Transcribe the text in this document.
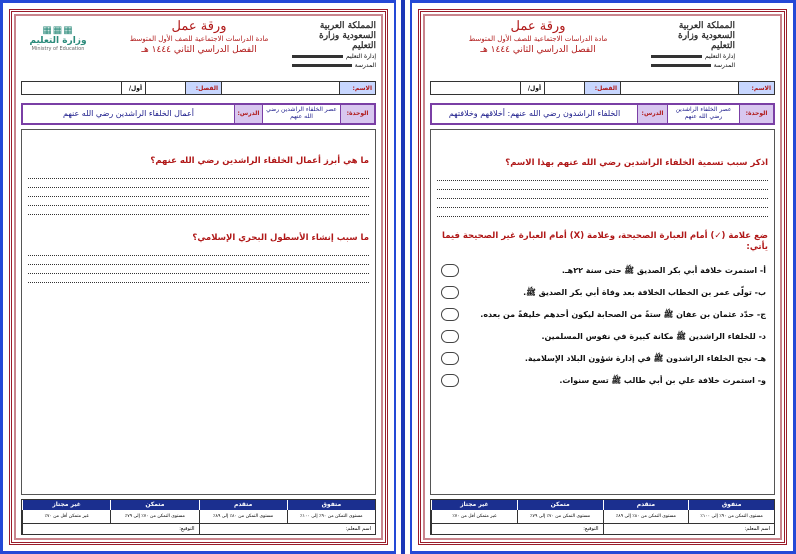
▦▦▦
وزارة التعليم
Ministry of Education
ورقة عمل
مادة الدراسات الاجتماعية للصف الأول المتوسط
الفصل الدراسي الثاني ١٤٤٤ هـ
المملكة العربية السعودية وزارة التعليم
إدارة التعليم
المدرسة
الاسم:
الفصل:
أول/
الوحدة:
عصر الخلفاء الراشدين رضي الله عنهم
الدرس:
أعمال الخلفاء الراشدين رضي الله عنهم
ما هي أبرز أعمال الخلفاء الراشدين رضي الله عنهم؟
ما سبب إنشاء الأسطول البحري الإسلامي؟
متفوق
متقدم
متمكن
غير مجتاز
مستوى التمكن من ٩٠٪ إلى ١٠٠٪
مستوى التمكن من ٨٠٪ إلى ٨٩٪
مستوى التمكن من ٧٠٪ إلى ٧٩٪
غير متمكن أقل من ٧٠٪
اسم المعلم:
التوقيع:
ورقة عمل
مادة الدراسات الاجتماعية للصف الأول المتوسط
الفصل الدراسي الثاني ١٤٤٤ هـ
المملكة العربية السعودية وزارة التعليم
إدارة التعليم
المدرسة
الاسم:
الفصل:
أول/
الوحدة:
عصر الخلفاء الراشدين رضي الله عنهم
الدرس:
الخلفاء الراشدون رضي الله عنهم: أخلاقهم وخلافتهم
اذكر سبب تسمية الخلفاء الراشدين رضي الله عنهم بهذا الاسم؟
ضع علامة (✓) أمام العبارة الصحيحة، وعلامة (X) أمام العبارة غير الصحيحة فيما يأتي:
أ- استمرت خلافة أبي بكر الصديق ﷺ حتى سنة ٢٢هـ.
ب- تولّى عمر بن الخطاب الخلافة بعد وفاة أبي بكر الصديق ﷺ.
ج- حدّد عثمان بن عفان ﷺ ستةً من الصحابة ليكون أحدهم خليفةً من بعده.
د- للخلفاء الراشدين ﷺ مكانة كبيرة في نفوس المسلمين.
هـ- نجح الخلفاء الراشدون ﷺ في إدارة شؤون البلاد الإسلامية.
و- استمرت خلافة علي بن أبي طالب ﷺ تسع سنوات.
متفوق
متقدم
متمكن
غير مجتاز
مستوى التمكن من ٩٠٪ إلى ١٠٠٪
مستوى التمكن من ٨٠٪ إلى ٨٩٪
مستوى التمكن من ٧٠٪ إلى ٧٩٪
غير متمكن أقل من ٧٠٪
اسم المعلم:
التوقيع:
